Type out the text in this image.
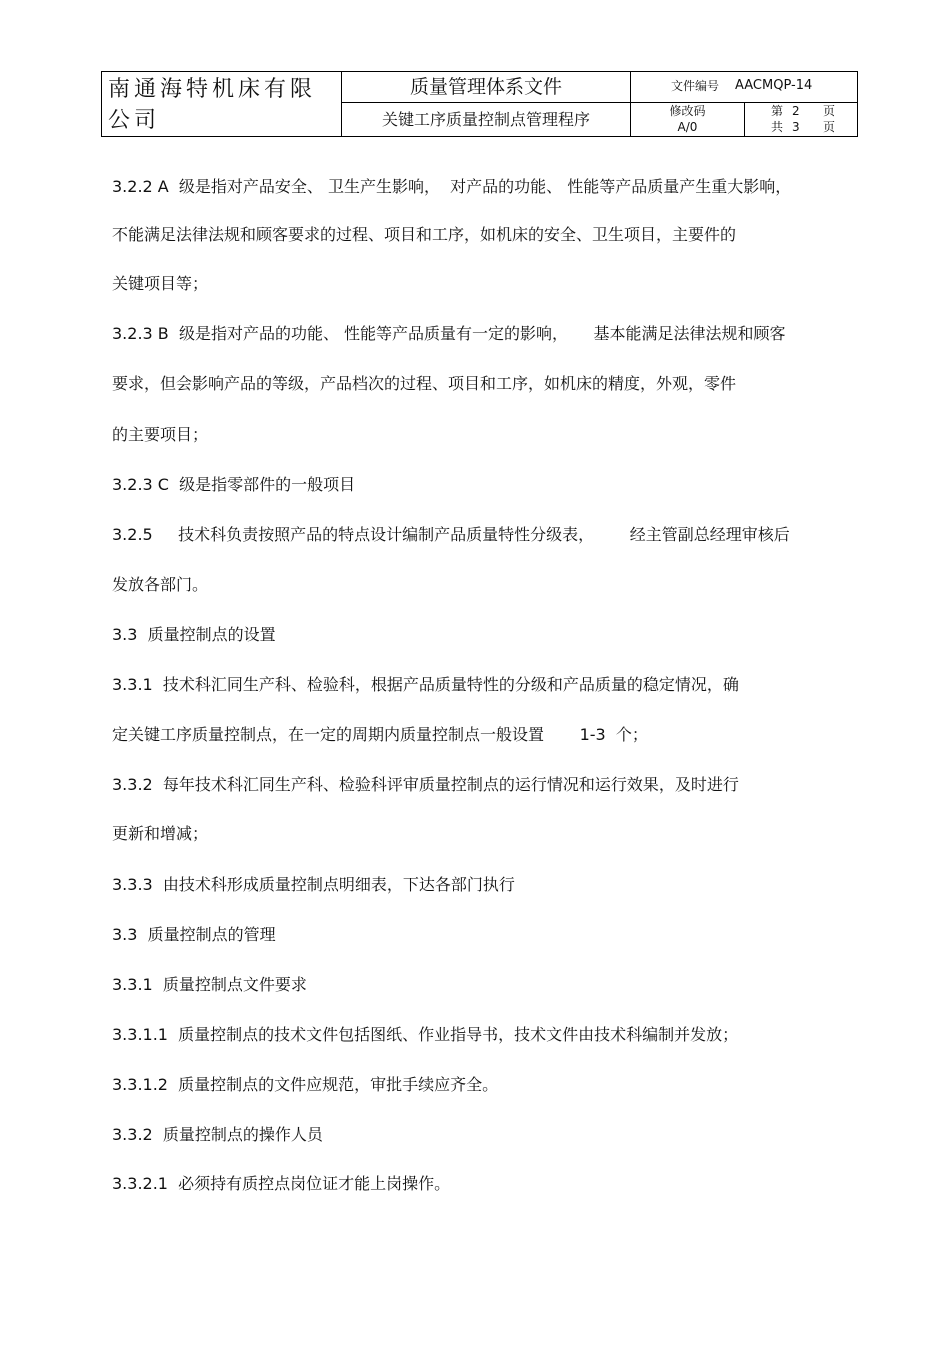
南通海特机床有限
公司
质量管理体系文件
关键工序质量控制点管理程序
文件编号 AACMQP-14
修改码
A/0
第 2 页
共 3 页
3.2.2 A  级是指对产品安全、 卫生产生影响，  对产品的功能、 性能等产品质量产生重大影响，
不能满足法律法规和顾客要求的过程、项目和工序，如机床的安全、卫生项目，主要件的
关键项目等；
3.2.3 B  级是指对产品的功能、 性能等产品质量有一定的影响，     基本能满足法律法规和顾客
要求，但会影响产品的等级，产品档次的过程、项目和工序，如机床的精度，外观，零件
的主要项目；
3.2.3 C  级是指零部件的一般项目
3.2.5     技术科负责按照产品的特点设计编制产品质量特性分级表，       经主管副总经理审核后
发放各部门。
3.3  质量控制点的设置
3.3.1  技术科汇同生产科、检验科，根据产品质量特性的分级和产品质量的稳定情况，确
定关键工序质量控制点，在一定的周期内质量控制点一般设置       1-3  个；
3.3.2  每年技术科汇同生产科、检验科评审质量控制点的运行情况和运行效果，及时进行
更新和增减；
3.3.3  由技术科形成质量控制点明细表，下达各部门执行
3.3  质量控制点的管理
3.3.1  质量控制点文件要求
3.3.1.1  质量控制点的技术文件包括图纸、作业指导书，技术文件由技术科编制并发放；
3.3.1.2  质量控制点的文件应规范，审批手续应齐全。
3.3.2  质量控制点的操作人员
3.3.2.1  必须持有质控点岗位证才能上岗操作。
